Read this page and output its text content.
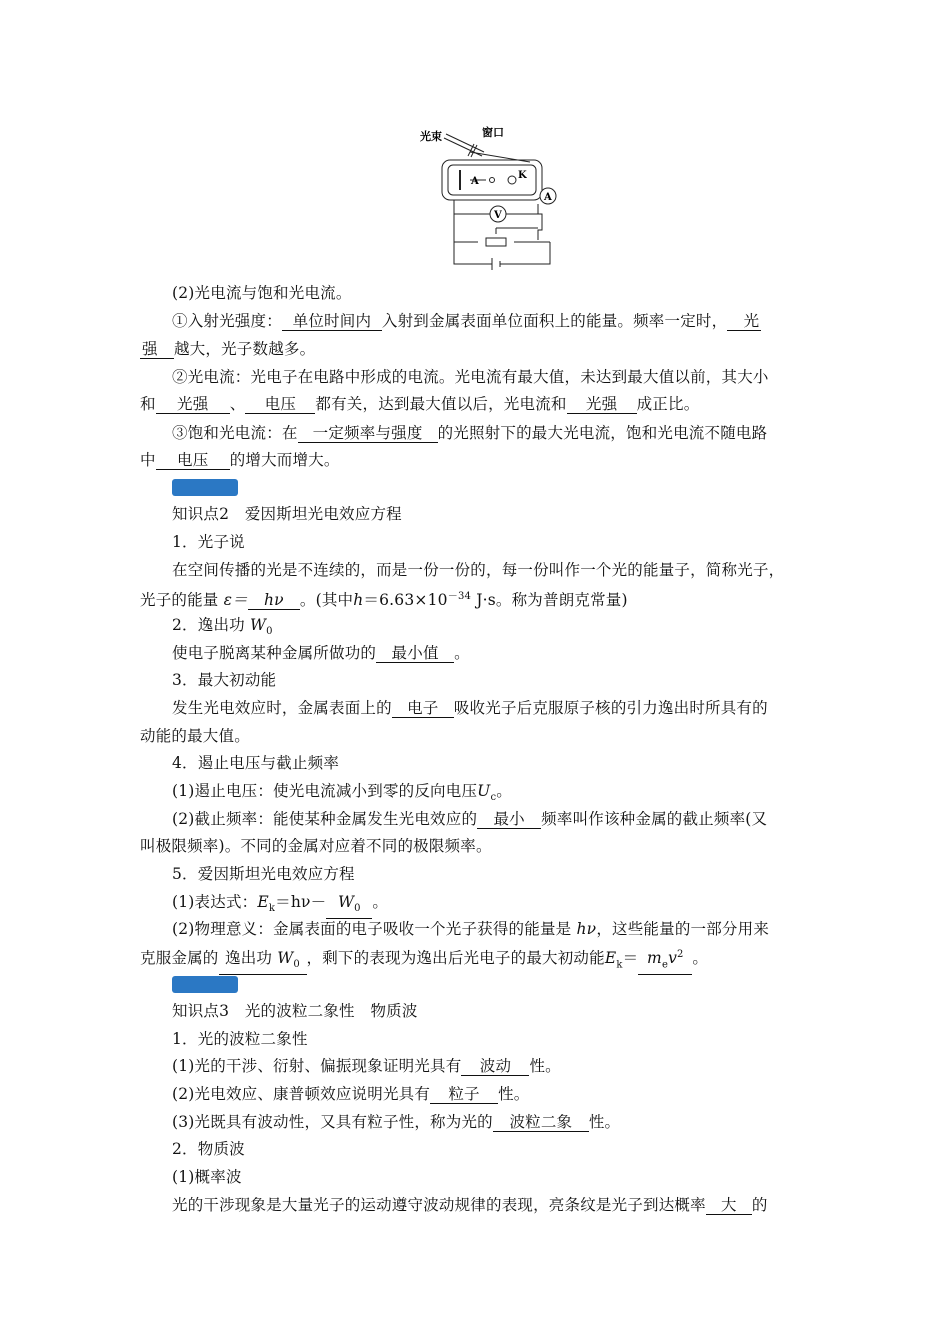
光束	窗口
A
K
V
A
(2)光电流与饱和光电流。
①入射光强度： 单位时间内 入射到金属表面单位面积上的能量。频率一定时， 光
强 越大，光子数越多。
②光电流：光电子在电路中形成的电流。光电流有最大值，未达到最大值以前，其大小
和 光强 、 电压 都有关，达到最大值以后，光电流和 光强 成正比。
③饱和光电流：在 一定频率与强度 的光照射下的最大光电流，饱和光电流不随电路
中 电压 的增大而增大。
知识点2　爱因斯坦光电效应方程
1．光子说
在空间传播的光是不连续的，而是一份一份的，每一份叫作一个光的能量子，简称光子，
光子的能量 ε＝ hν 。(其中$h=6.63\times 10^{-34}$ J·s。称为普朗克常量)
2．逸出功 $W_0$
使电子脱离某种金属所做功的 最小值 。
3．最大初动能
发生光电效应时，金属表面上的 电子 吸收光子后克服原子核的引力逸出时所具有的
动能的最大值。
4．遏止电压与截止频率
(1)遏止电压：使光电流减小到零的反向电压$U_c$。
(2)截止频率：能使某种金属发生光电效应的 最小 频率叫作该种金属的截止频率(又
叫极限频率)。不同的金属对应着不同的极限频率。
5．爱因斯坦光电效应方程
(1)表达式：$E_k=h\nu- W_0$ 。
(2)物理意义：金属表面的电子吸收一个光子获得的能量是 hν，这些能量的一部分用来
克服金属的 逸出功 $W_0$ ，剩下的表现为逸出后光电子的最大初动能$E_k= m_ev^2$ 。
知识点3　光的波粒二象性　物质波
1．光的波粒二象性
(1)光的干涉、衍射、偏振现象证明光具有 波动 性。
(2)光电效应、康普顿效应说明光具有 粒子 性。
(3)光既具有波动性，又具有粒子性，称为光的 波粒二象 性。
2．物质波
(1)概率波
光的干涉现象是大量光子的运动遵守波动规律的表现，亮条纹是光子到达概率 大 的
